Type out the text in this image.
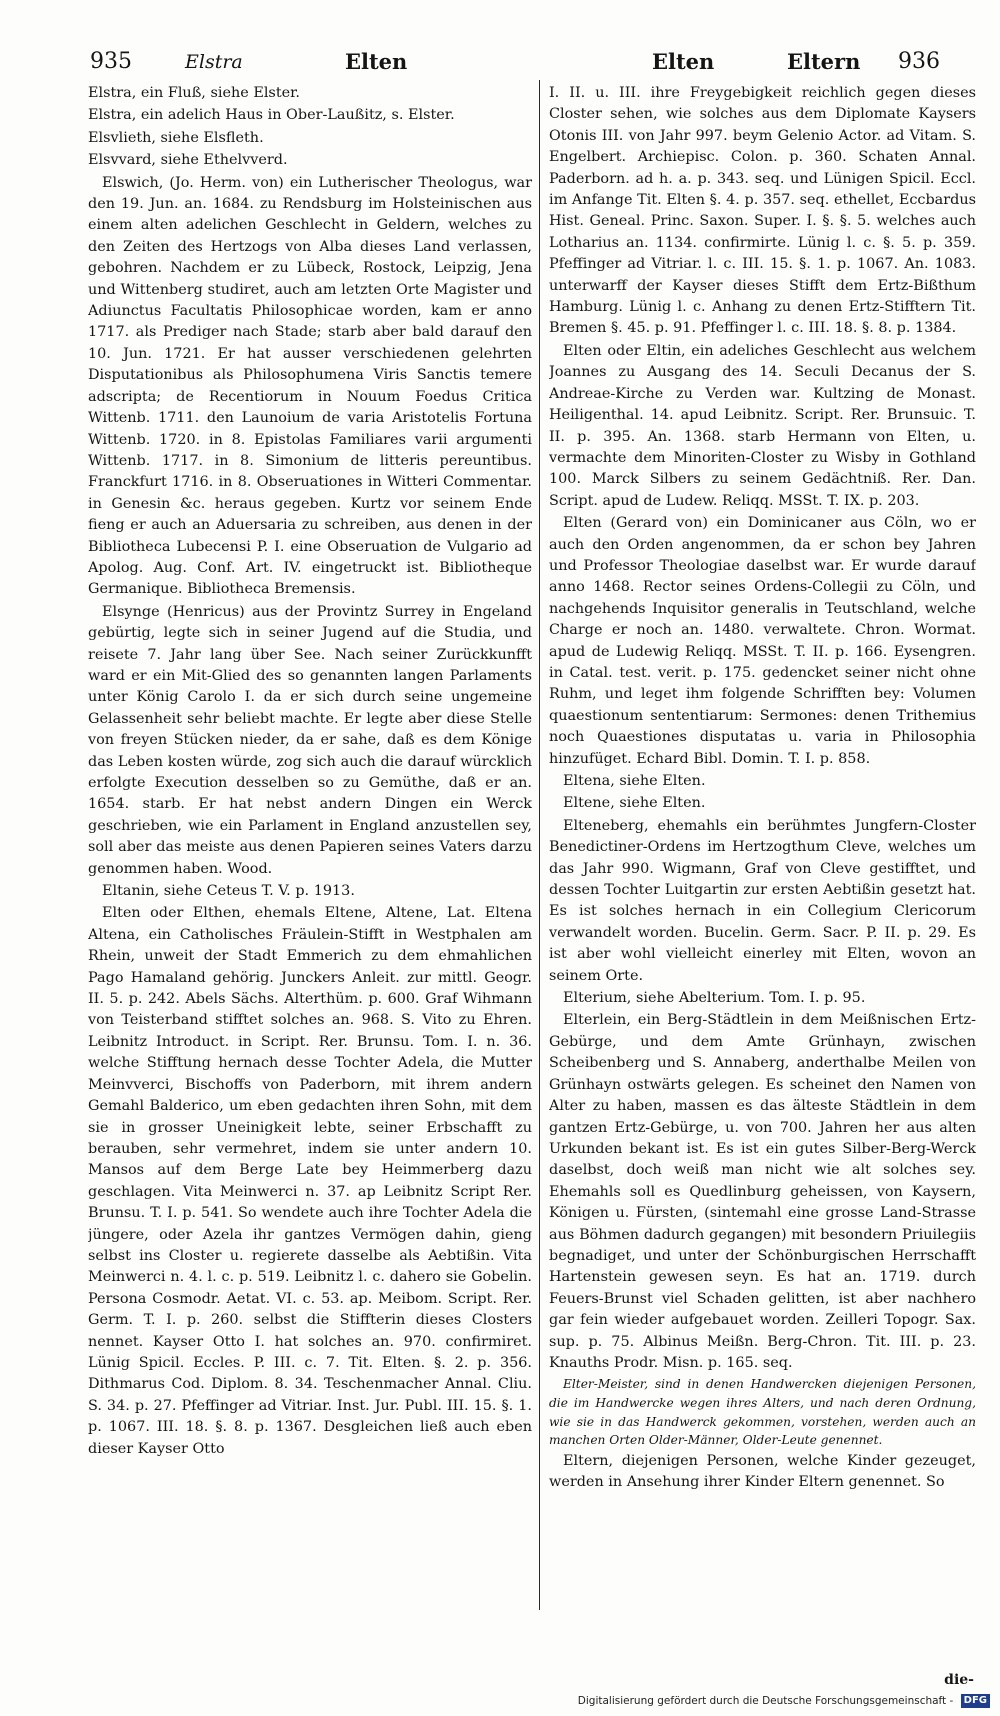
935	Elstra	Elten	Elten	Eltern 936

Elstra, ein Fluß, siehe Elster.

Elstra, ein adelich Haus in Ober-Laußitz, s. Elster.

Elsvlieth, siehe Elsfleth.

Elsvvard, siehe Ethelvverd.

Elswich, (Jo. Herm. von) ein Lutherischer Theologus, war den 19. Jun. an. 1684. zu Rendsburg im Holsteinischen aus einem alten adelichen Geschlecht in Geldern, welches zu den Zeiten des Hertzogs von Alba dieses Land verlassen, gebohren. Nachdem er zu Lübeck, Rostock, Leipzig, Jena und Wittenberg studiret, auch am letzten Orte Magister und Adiunctus Facultatis Philosophicae worden, kam er anno 1717. als Prediger nach Stade; starb aber bald darauf den 10. Jun. 1721. Er hat ausser verschiedenen gelehrten Disputationibus als Philosophumena Viris Sanctis temere adscripta; de Recentiorum in Nouum Foedus Critica Wittenb. 1711. den Launoium de varia Aristotelis Fortuna Wittenb. 1720. in 8. Epistolas Familiares varii argumenti Wittenb. 1717. in 8. Simonium de litteris pereuntibus. Franckfurt 1716. in 8. Obseruationes in Witteri Commentar. in Genesin &c. heraus gegeben. Kurtz vor seinem Ende fieng er auch an Aduersaria zu schreiben, aus denen in der Bibliotheca Lubecensi P. I. eine Obseruation de Vulgario ad Apolog. Aug. Conf. Art. IV. eingetruckt ist. Bibliotheque Germanique. Bibliotheca Bremensis.

Elsynge (Henricus) aus der Provintz Surrey in Engeland gebürtig, legte sich in seiner Jugend auf die Studia, und reisete 7. Jahr lang über See. Nach seiner Zurückkunfft ward er ein Mit-Glied des so genannten langen Parlaments unter König Carolo I. da er sich durch seine ungemeine Gelassenheit sehr beliebt machte. Er legte aber diese Stelle von freyen Stücken nieder, da er sahe, daß es dem Könige das Leben kosten würde, zog sich auch die darauf würcklich erfolgte Execution desselben so zu Gemüthe, daß er an. 1654. starb. Er hat nebst andern Dingen ein Werck geschrieben, wie ein Parlament in England anzustellen sey, soll aber das meiste aus denen Papieren seines Vaters darzu genommen haben. Wood.

Eltanin, siehe Ceteus T. V. p. 1913.

Elten oder Elthen, ehemals Eltene, Altene, Lat. Eltena Altena, ein Catholisches Fräulein-Stifft in Westphalen am Rhein, unweit der Stadt Emmerich zu dem ehmahlichen Pago Hamaland gehörig. Junckers Anleit. zur mittl. Geogr. II. 5. p. 242. Abels Sächs. Alterthüm. p. 600. Graf Wihmann von Teisterband stifftet solches an. 968. S. Vito zu Ehren. Leibnitz Introduct. in Script. Rer. Brunsu. Tom. I. n. 36. welche Stifftung hernach desse Tochter Adela, die Mutter Meinvverci, Bischoffs von Paderborn, mit ihrem andern Gemahl Balderico, um eben gedachten ihren Sohn, mit dem sie in grosser Uneinigkeit lebte, seiner Erbschafft zu berauben, sehr vermehret, indem sie unter andern 10. Mansos auf dem Berge Late bey Heimmerberg dazu geschlagen. Vita Meinwerci n. 37. ap Leibnitz Script Rer. Brunsu. T. I. p. 541. So wendete auch ihre Tochter Adela die jüngere, oder Azela ihr gantzes Vermögen dahin, gieng selbst ins Closter u. regierete dasselbe als Aebtißin. Vita Meinwerci n. 4. l. c. p. 519. Leibnitz l. c. dahero sie Gobelin. Persona Cosmodr. Aetat. VI. c. 53. ap. Meibom. Script. Rer. Germ. T. I. p. 260. selbst die Stiffterin dieses Closters nennet. Kayser Otto I. hat solches an. 970. confirmiret. Lünig Spicil. Eccles. P. III. c. 7. Tit. Elten. §. 2. p. 356. Dithmarus Cod. Diplom. 8. 34. Teschenmacher Annal. Cliu. S. 34. p. 27. Pfeffinger ad Vitriar. Inst. Jur. Publ. III. 15. §. 1. p. 1067. III. 18. §. 8. p. 1367. Desgleichen ließ auch eben dieser Kayser Otto

I. II. u. III. ihre Freygebigkeit reichlich gegen dieses Closter sehen, wie solches aus dem Diplomate Kaysers Otonis III. von Jahr 997. beym Gelenio Actor. ad Vitam. S. Engelbert. Archiepisc. Colon. p. 360. Schaten Annal. Paderborn. ad h. a. p. 343. seq. und Lünigen Spicil. Eccl. im Anfange Tit. Elten §. 4. p. 357. seq. ethellet, Eccbardus Hist. Geneal. Princ. Saxon. Super. I. §. §. 5. welches auch Lotharius an. 1134. confirmirte. Lünig l. c. §. 5. p. 359. Pfeffinger ad Vitriar. l. c. III. 15. §. 1. p. 1067. An. 1083. unterwarff der Kayser dieses Stifft dem Ertz-Bißthum Hamburg. Lünig l. c. Anhang zu denen Ertz-Stifftern Tit. Bremen §. 45. p. 91. Pfeffinger l. c. III. 18. §. 8. p. 1384.

Elten oder Eltin, ein adeliches Geschlecht aus welchem Joannes zu Ausgang des 14. Seculi Decanus der S. Andreae-Kirche zu Verden war. Kultzing de Monast. Heiligenthal. 14. apud Leibnitz. Script. Rer. Brunsuic. T. II. p. 395. An. 1368. starb Hermann von Elten, u. vermachte dem Minoriten-Closter zu Wisby in Gothland 100. Marck Silbers zu seinem Gedächtniß. Rer. Dan. Script. apud de Ludew. Reliqq. MSSt. T. IX. p. 203.

Elten (Gerard von) ein Dominicaner aus Cöln, wo er auch den Orden angenommen, da er schon bey Jahren und Professor Theologiae daselbst war. Er wurde darauf anno 1468. Rector seines Ordens-Collegii zu Cöln, und nachgehends Inquisitor generalis in Teutschland, welche Charge er noch an. 1480. verwaltete. Chron. Wormat. apud de Ludewig Reliqq. MSSt. T. II. p. 166. Eysengren. in Catal. test. verit. p. 175. gedencket seiner nicht ohne Ruhm, und leget ihm folgende Schrifften bey: Volumen quaestionum sententiarum: Sermones: denen Trithemius noch Quaestiones disputatas u. varia in Philosophia hinzufüget. Echard Bibl. Domin. T. I. p. 858.

Eltena, siehe Elten.

Eltene, siehe Elten.

Elteneberg, ehemahls ein berühmtes Jungfern-Closter Benedictiner-Ordens im Hertzogthum Cleve, welches um das Jahr 990. Wigmann, Graf von Cleve gestifftet, und dessen Tochter Luitgartin zur ersten Aebtißin gesetzt hat. Es ist solches hernach in ein Collegium Clericorum verwandelt worden. Bucelin. Germ. Sacr. P. II. p. 29. Es ist aber wohl vielleicht einerley mit Elten, wovon an seinem Orte.

Elterium, siehe Abelterium. Tom. I. p. 95.

Elterlein, ein Berg-Städtlein in dem Meißnischen Ertz-Gebürge, und dem Amte Grünhayn, zwischen Scheibenberg und S. Annaberg, anderthalbe Meilen von Grünhayn ostwärts gelegen. Es scheinet den Namen von Alter zu haben, massen es das älteste Städtlein in dem gantzen Ertz-Gebürge, u. von 700. Jahren her aus alten Urkunden bekant ist. Es ist ein gutes Silber-Berg-Werck daselbst, doch weiß man nicht wie alt solches sey. Ehemahls soll es Quedlinburg geheissen, von Kaysern, Königen u. Fürsten, (sintemahl eine grosse Land-Strasse aus Böhmen dadurch gegangen) mit besondern Priuilegiis begnadiget, und unter der Schönburgischen Herrschafft Hartenstein gewesen seyn. Es hat an. 1719. durch Feuers-Brunst viel Schaden gelitten, ist aber nachhero gar fein wieder aufgebauet worden. Zeilleri Topogr. Sax. sup. p. 75. Albinus Meißn. Berg-Chron. Tit. III. p. 23. Knauths Prodr. Misn. p. 165. seq.

Elter-Meister, sind in denen Handwercken diejenigen Personen, die im Handwercke wegen ihres Alters, und nach deren Ordnung, wie sie in das Handwerck gekommen, vorstehen, werden auch an manchen Orten Older-Männer, Older-Leute genennet.

Eltern, diejenigen Personen, welche Kinder gezeuget, werden in Ansehung ihrer Kinder Eltern genennet. So

die-
Digitalisierung gefördert durch die Deutsche Forschungsgemeinschaft - DFG
